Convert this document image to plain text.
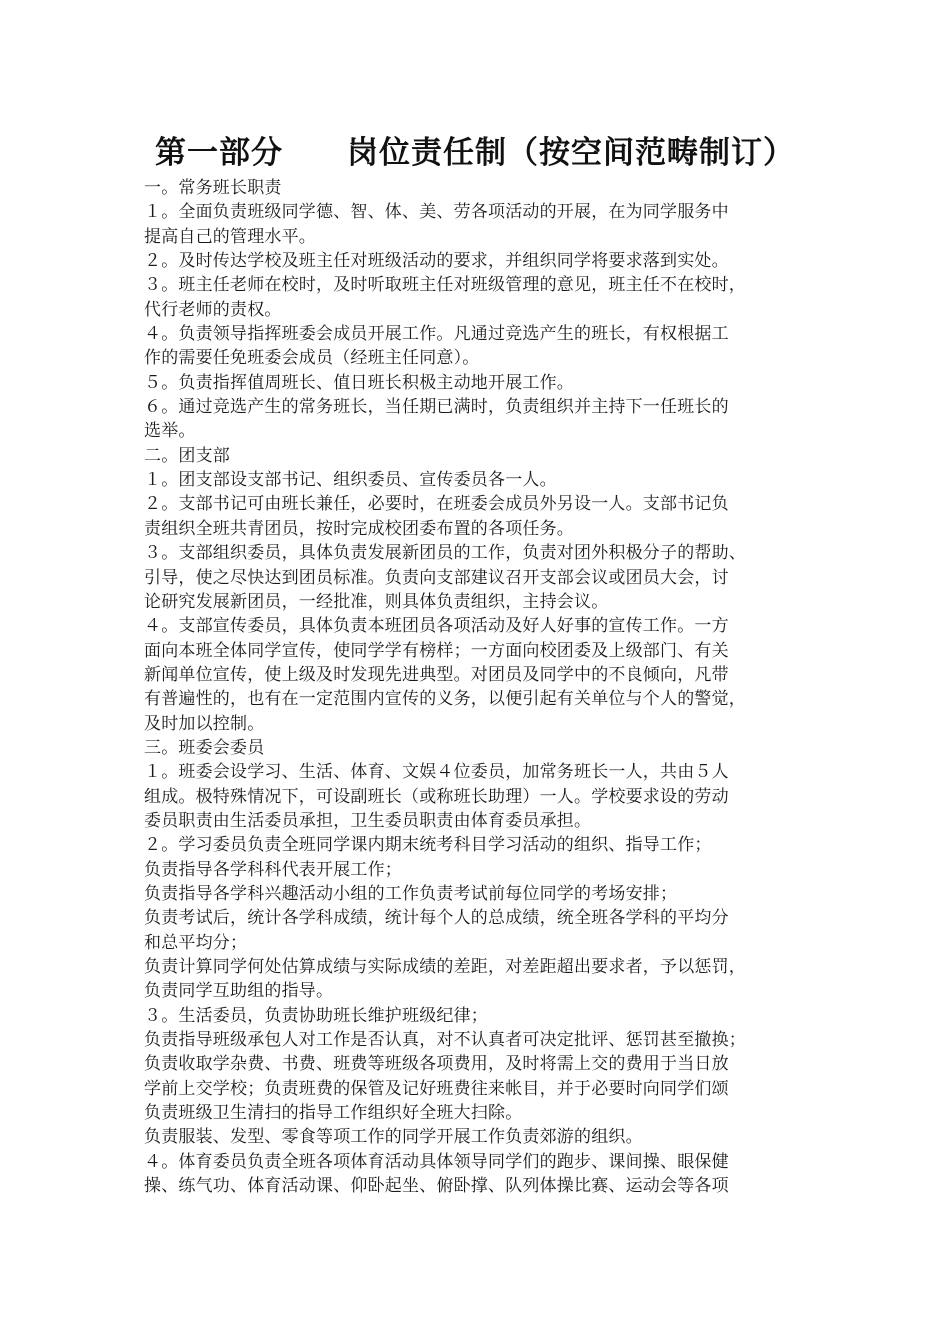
第一部分　　岗位责任制（按空间范畴制订）
一。常务班长职责
１。全面负责班级同学德、智、体、美、劳各项活动的开展，在为同学服务中
提高自己的管理水平。
２。及时传达学校及班主任对班级活动的要求，并组织同学将要求落到实处。
３。班主任老师在校时，及时听取班主任对班级管理的意见，班主任不在校时，
代行老师的责权。
４。负责领导指挥班委会成员开展工作。凡通过竞选产生的班长，有权根据工
作的需要任免班委会成员（经班主任同意）。
５。负责指挥值周班长、值日班长积极主动地开展工作。
６。通过竞选产生的常务班长，当任期已满时，负责组织并主持下一任班长的
选举。
二。团支部
１。团支部设支部书记、组织委员、宣传委员各一人。
２。支部书记可由班长兼任，必要时，在班委会成员外另设一人。支部书记负
责组织全班共青团员，按时完成校团委布置的各项任务。
３。支部组织委员，具体负责发展新团员的工作，负责对团外积极分子的帮助、
引导，使之尽快达到团员标准。负责向支部建议召开支部会议或团员大会，讨
论研究发展新团员，一经批准，则具体负责组织，主持会议。
４。支部宣传委员，具体负责本班团员各项活动及好人好事的宣传工作。一方
面向本班全体同学宣传，使同学学有榜样；一方面向校团委及上级部门、有关
新闻单位宣传，使上级及时发现先进典型。对团员及同学中的不良倾向，凡带
有普遍性的，也有在一定范围内宣传的义务，以便引起有关单位与个人的警觉，
及时加以控制。
三。班委会委员
１。班委会设学习、生活、体育、文娱４位委员，加常务班长一人，共由５人
组成。极特殊情况下，可设副班长（或称班长助理）一人。学校要求设的劳动
委员职责由生活委员承担，卫生委员职责由体育委员承担。
２。学习委员负责全班同学课内期末统考科目学习活动的组织、指导工作；
负责指导各学科科代表开展工作；
负责指导各学科兴趣活动小组的工作负责考试前每位同学的考场安排；
负责考试后，统计各学科成绩，统计每个人的总成绩，统全班各学科的平均分
和总平均分；
负责计算同学何处估算成绩与实际成绩的差距，对差距超出要求者，予以惩罚，
负责同学互助组的指导。
３。生活委员，负责协助班长维护班级纪律；
负责指导班级承包人对工作是否认真，对不认真者可决定批评、惩罚甚至撤换；
负责收取学杂费、书费、班费等班级各项费用，及时将需上交的费用于当日放
学前上交学校；负责班费的保管及记好班费往来帐目，并于必要时向同学们颂
负责班级卫生清扫的指导工作组织好全班大扫除。
负责服装、发型、零食等项工作的同学开展工作负责郊游的组织。
４。体育委员负责全班各项体育活动具体领导同学们的跑步、课间操、眼保健
操、练气功、体育活动课、仰卧起坐、俯卧撑、队列体操比赛、运动会等各项
